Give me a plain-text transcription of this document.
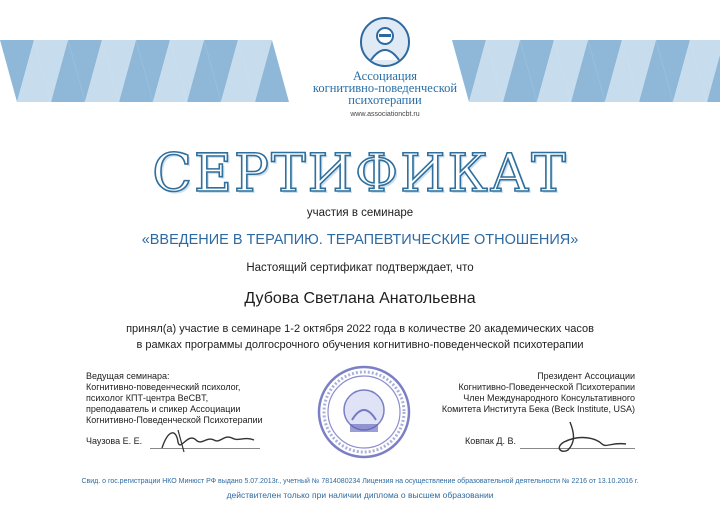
Ассоциация
когнитивно-поведенческой
психотерапии
www.associationcbt.ru
СЕРТИФИКАТ
участия в семинаре
«ВВЕДЕНИЕ В ТЕРАПИЮ. ТЕРАПЕВТИЧЕСКИЕ ОТНОШЕНИЯ»
Настоящий сертификат подтверждает, что
Дубова Светлана Анатольевна
принял(а) участие в семинаре 1-2 октября 2022 года в количестве 20 академических часов
в рамках программы долгосрочного обучения когнитивно-поведенческой психотерапии
Ведущая семинара:
Когнитивно-поведенческий психолог,
психолог КПТ-центра BeCBT,
преподаватель и спикер Ассоциации
Когнитивно-Поведенческой Психотерапии
Президент Ассоциации
Когнитивно-Поведенческой Психотерапии
Член Международного Консультативного
Комитета Института Бека (Beck Institute, USA)
Чаузова Е. Е.	Ковпак Д. В.
Свид. о гос.регистрации НКО Минюст РФ выдано 5.07.2013г., учетный № 7814080234 Лицензия на осуществление образовательной деятельности № 2216 от 13.10.2016 г.
действителен только при наличии диплома о высшем образовании
